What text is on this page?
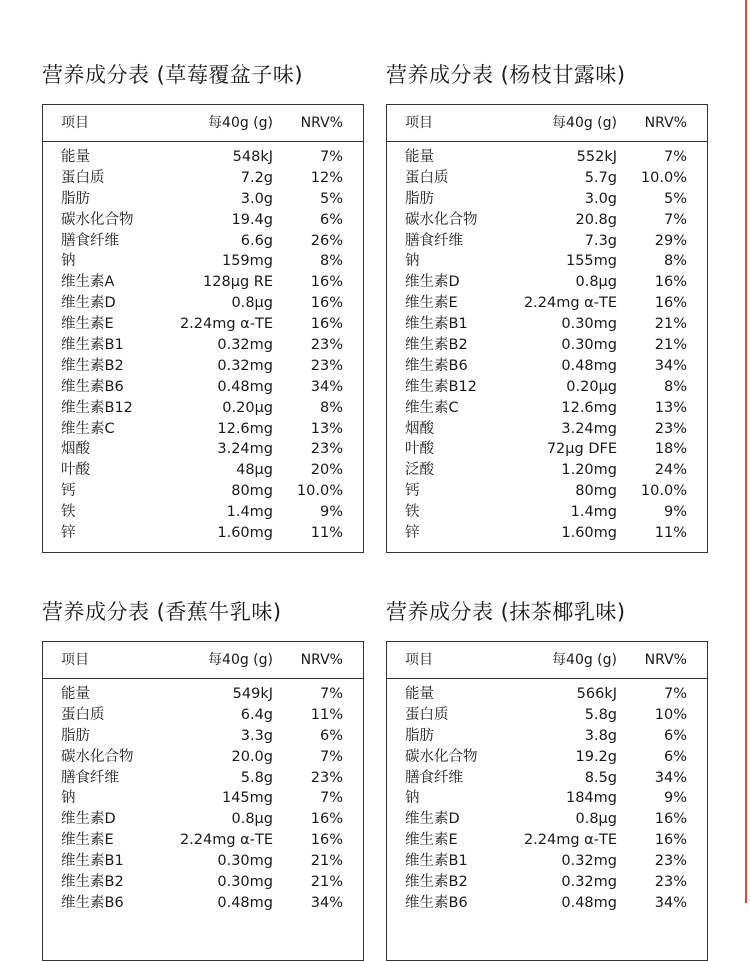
营养成分表 (草莓覆盆子味)
项目	每40g (g) NRV%
能量	548kJ	7%
蛋白质	7.2g	12%
脂肪	3.0g	5%
碳水化合物	19.4g	6%
膳食纤维	6.6g	26%
钠	159mg	8%
维生素A	128μg RE	16%
维生素D	0.8μg	16%
维生素E	2.24mg α-TE	16%
维生素B1	0.32mg	23%
维生素B2	0.32mg	23%
维生素B6	0.48mg	34%
维生素B12	0.20μg	8%
维生素C	12.6mg	13%
烟酸	3.24mg	23%
叶酸	48μg	20%
钙	80mg 10.0%
铁	1.4mg	9%
锌	1.60mg	11%
营养成分表 (杨枝甘露味)
项目	每40g (g) NRV%
能量	552kJ	7%
蛋白质	5.7g 10.0%
脂肪	3.0g	5%
碳水化合物	20.8g	7%
膳食纤维	7.3g	29%
钠	155mg	8%
维生素D	0.8μg	16%
维生素E	2.24mg α-TE	16%
维生素B1	0.30mg	21%
维生素B2	0.30mg	21%
维生素B6	0.48mg	34%
维生素B12	0.20μg	8%
维生素C	12.6mg	13%
烟酸	3.24mg	23%
叶酸	72μg DFE	18%
泛酸	1.20mg	24%
钙	80mg 10.0%
铁	1.4mg	9%
锌	1.60mg	11%
营养成分表 (香蕉牛乳味)
项目	每40g (g) NRV%
能量	549kJ	7%
蛋白质	6.4g	11%
脂肪	3.3g	6%
碳水化合物	20.0g	7%
膳食纤维	5.8g	23%
钠	145mg	7%
维生素D	0.8μg	16%
维生素E	2.24mg α-TE	16%
维生素B1	0.30mg	21%
维生素B2	0.30mg	21%
维生素B6	0.48mg	34%
营养成分表 (抹茶椰乳味)
项目	每40g (g) NRV%
能量	566kJ	7%
蛋白质	5.8g	10%
脂肪	3.8g	6%
碳水化合物	19.2g	6%
膳食纤维	8.5g	34%
钠	184mg	9%
维生素D	0.8μg	16%
维生素E	2.24mg α-TE	16%
维生素B1	0.32mg	23%
维生素B2	0.32mg	23%
维生素B6	0.48mg	34%
